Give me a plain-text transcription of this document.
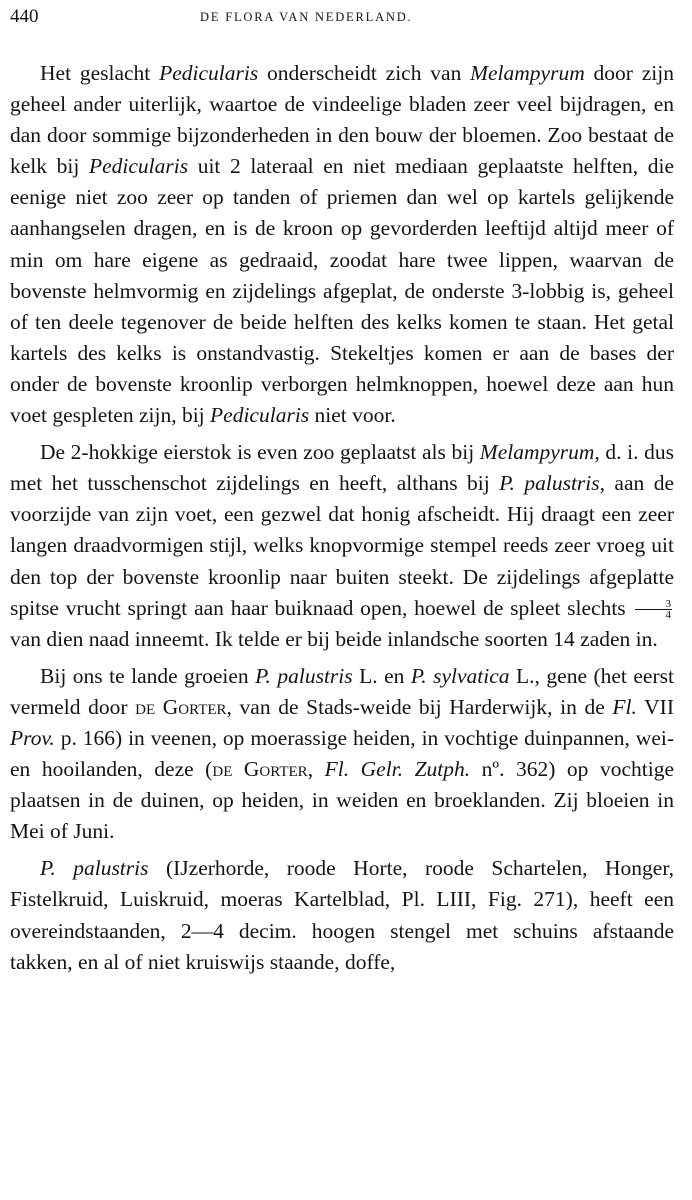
440	DE FLORA VAN NEDERLAND.

Het geslacht Pedicularis onderscheidt zich van Melampyrum door zijn geheel ander uiterlijk, waartoe de vindeelige bladen zeer veel bijdragen, en dan door sommige bijzonderheden in den bouw der bloemen. Zoo bestaat de kelk bij Pedicularis uit 2 lateraal en niet mediaan geplaatste helften, die eenige niet zoo zeer op tanden of priemen dan wel op kartels gelijkende aanhangselen dragen, en is de kroon op gevorderden leeftijd altijd meer of min om hare eigene as gedraaid, zoodat hare twee lippen, waarvan de bovenste helmvormig en zijdelings afgeplat, de onderste 3-lobbig is, geheel of ten deele tegenover de beide helften des kelks komen te staan. Het getal kartels des kelks is onstandvastig. Stekeltjes komen er aan de bases der onder de bovenste kroonlip verborgen helmknoppen, hoewel deze aan hun voet gespleten zijn, bij Pedicularis niet voor.

De 2-hokkige eierstok is even zoo geplaatst als bij Melampyrum, d. i. dus met het tusschenschot zijdelings en heeft, althans bij P. palustris, aan de voorzijde van zijn voet, een gezwel dat honig afscheidt. Hij draagt een zeer langen draadvormigen stijl, welks knopvormige stempel reeds zeer vroeg uit den top der bovenste kroonlip naar buiten steekt. De zijdelings afgeplatte spitse vrucht springt aan haar buiknaad open, hoewel de spleet slechts $\frac{3}{4}$
van dien naad inneemt. Ik telde er bij beide inlandsche soorten 14 zaden in.

Bij ons te lande groeien P. palustris L. en P. sylvatica L., gene (het eerst vermeld door de Gorter, van de Stads-weide bij Harderwijk, in de Fl. VII Prov. p. 166) in veenen, op moerassige heiden, in vochtige duinpannen, wei- en hooilanden, deze (de Gorter, Fl. Gelr. Zutph. nº. 362) op vochtige plaatsen in de duinen, op heiden, in weiden en broeklanden. Zij bloeien in Mei of Juni.

P. palustris (IJzerhorde, roode Horte, roode Schartelen, Honger, Fistelkruid, Luiskruid, moeras Kartelblad, Pl. LIII, Fig. 271), heeft een overeindstaanden, 2—4 decim. hoogen stengel met schuins afstaande takken, en al of niet kruiswijs staande, doffe,
